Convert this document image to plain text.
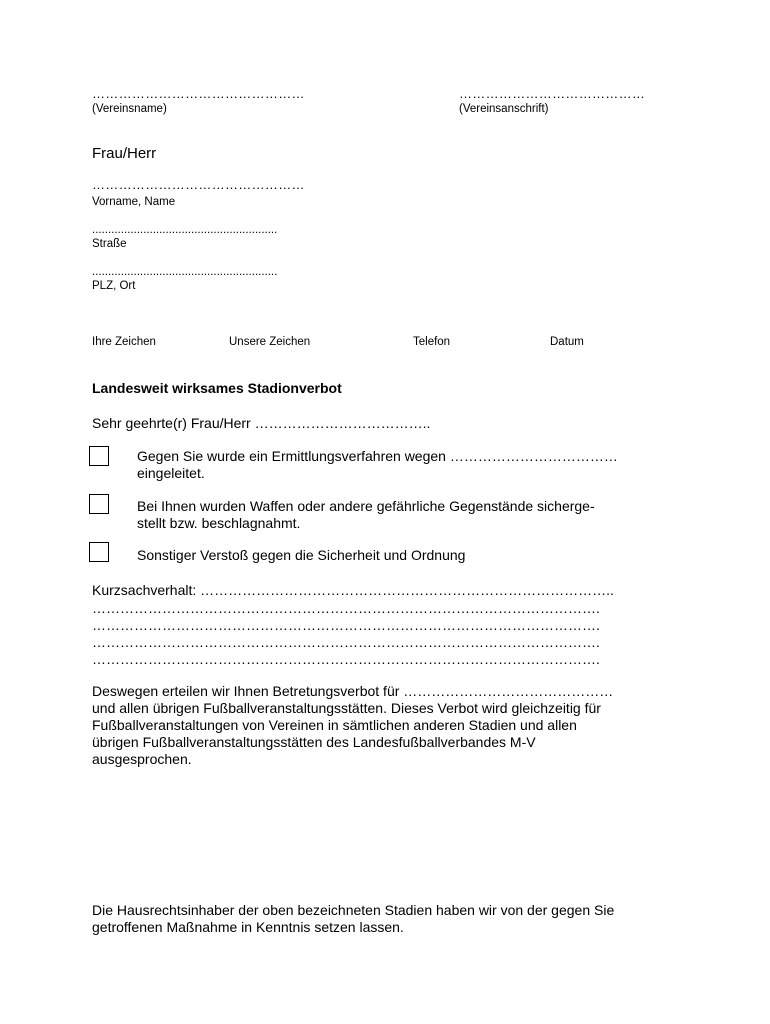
…………………………………………
(Vereinsname)
……………………………………
(Vereinsanschrift)
Frau/Herr
…………………………………………
Vorname, Name
..........................................................
Straße
..........................................................
PLZ, Ort
Ihre Zeichen	Unsere Zeichen	Telefon	Datum
Landesweit wirksames Stadionverbot
Sehr geehrte(r) Frau/Herr ………………………………..
Gegen Sie wurde ein Ermittlungsverfahren wegen ………………………………
eingeleitet.
Bei Ihnen wurden Waffen oder andere gefährliche Gegenstände sicherge-
stellt bzw. beschlagnahmt.
Sonstiger Verstoß gegen die Sicherheit und Ordnung
Kurzsachverhalt: ……………………………………………………………………………..
……………………………………………………………………………………………….
……………………………………………………………………………………………….
……………………………………………………………………………………………….
……………………………………………………………………………………………….
Deswegen erteilen wir Ihnen Betretungsverbot für ………………………………………
und allen übrigen Fußballveranstaltungsstätten. Dieses Verbot wird gleichzeitig für
Fußballveranstaltungen von Vereinen in sämtlichen anderen Stadien und allen
übrigen Fußballveranstaltungsstätten des Landesfußballverbandes M-V
ausgesprochen.
Die Hausrechtsinhaber der oben bezeichneten Stadien haben wir von der gegen Sie
getroffenen Maßnahme in Kenntnis setzen lassen.
